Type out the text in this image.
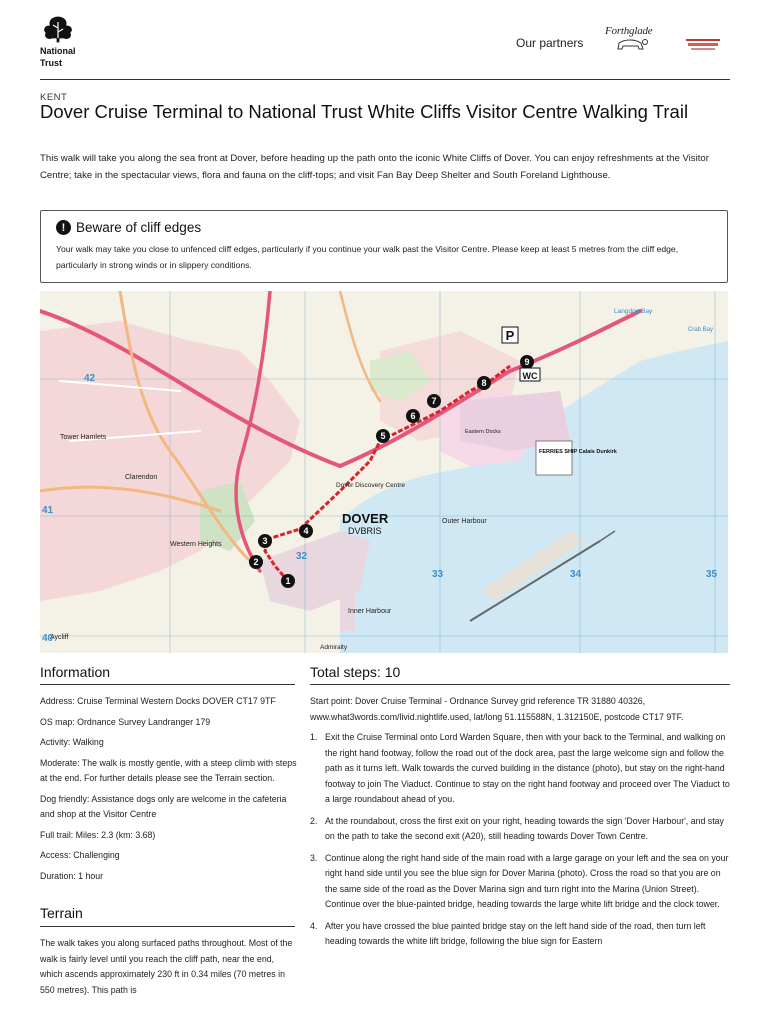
National
Trust
Our partners
Forthglade
KENT
Dover Cruise Terminal to National Trust White Cliffs Visitor Centre Walking Trail
This walk will take you along the sea front at Dover, before heading up the path onto the iconic White Cliffs of Dover. You can enjoy refreshments at the Visitor Centre; take in the spectacular views, flora and fauna on the cliff-tops; and visit Fan Bay Deep Shelter and South Foreland Lighthouse.
! Beware of cliff edges
Your walk may take you close to unfenced cliff edges, particularly if you continue your walk past the Visitor Centre. Please keep at least 5 metres from the cliff edge, particularly in strong winds or in slippery conditions.
1
2
3
4
5
6
7
8
9
P
WC
DOVER
DVBRIS
Outer Harbour
Inner Harbour
Dover Discovery Centre
FERRIES SHIP Calais Dunkirk
Western Heights
Langdon Bay
Crab Bay
Admiralty
Aycliff
Clarendon
Tower Hamlets
Eastern Docks
33	34	35
41
40
42
32
Information

Address: Cruise Terminal Western Docks DOVER CT17 9TF

OS map: Ordnance Survey Landranger 179

Activity: Walking

Moderate: The walk is mostly gentle, with a steep climb with steps at the end. For further details please see the Terrain section.

Dog friendly: Assistance dogs only are welcome in the cafeteria and shop at the Visitor Centre

Full trail: Miles: 2.3 (km: 3.68)

Access: Challenging

Duration: 1 hour

Terrain
The walk takes you along surfaced paths throughout. Most of the walk is fairly level until you reach the cliff path, near the end, which ascends approximately 230 ft in 0.34 miles (70 metres in 550 metres). This path is
Total steps: 10

Start point: Dover Cruise Terminal - Ordnance Survey grid reference TR 31880 40326, www.what3words.com/livid.nightlife.used, lat/long 51.115588N, 1.312150E, postcode CT17 9TF.

1. Exit the Cruise Terminal onto Lord Warden Square, then with your back to the Terminal, and walking on the right hand footway, follow the road out of the dock area, past the large welcome sign and follow the path as it turns left. Walk towards the curved building in the distance (photo), but stay on the right-hand footway to join The Viaduct. Continue to stay on the right hand footway and proceed over The Viaduct to a large roundabout ahead of you.
2. At the roundabout, cross the first exit on your right, heading towards the sign 'Dover Harbour', and stay on the path to take the second exit (A20), still heading towards Dover Town Centre.
3. Continue along the right hand side of the main road with a large garage on your left and the sea on your right hand side until you see the blue sign for Dover Marina (photo). Cross the road so that you are on the same side of the road as the Dover Marina sign and turn right into the Marina (Union Street). Continue over the blue-painted bridge, heading towards the large white lift bridge and the clock tower.
4. After you have crossed the blue painted bridge stay on the left hand side of the road, then turn left heading towards the white lift bridge, following the blue sign for Eastern
